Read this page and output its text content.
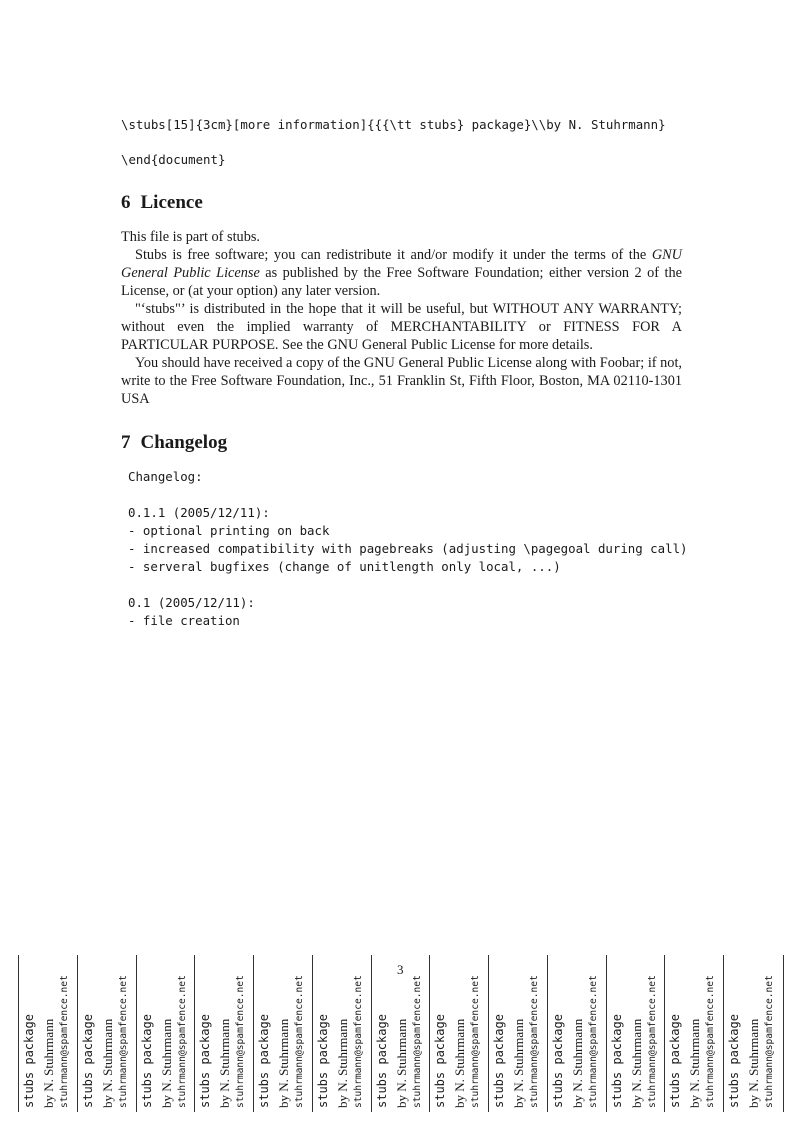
\stubs[15]{3cm}[more information]{{{\tt stubs} package}\\by N. Stuhrmann}
\end{document}
6 Licence

This file is part of stubs.

Stubs is free software; you can redistribute it and/or modify it under the terms of the GNU General Public License as published by the Free Software Foundation; either version 2 of the License, or (at your option) any later version.

"‘stubs"’ is distributed in the hope that it will be useful, but WITHOUT ANY WARRANTY; without even the implied warranty of MERCHANTABILITY or FITNESS FOR A PARTICULAR PURPOSE. See the GNU General Public License for more details.

You should have received a copy of the GNU General Public License along with Foobar; if not, write to the Free Software Foundation, Inc., 51 Franklin St, Fifth Floor, Boston, MA 02110-1301 USA

7 Changelog
Changelog:
0.1.1 (2005/12/11):
- optional printing on back
- increased compatibility with pagebreaks (adjusting \pagegoal during call)
- serveral bugfixes (change of unitlength only local, ...)
0.1 (2005/12/11):
- file creation
stubs package by N. Stuhrmann stuhrmann@spamfence.net stubs package by N. Stuhrmann stuhrmann@spamfence.net stubs package by N. Stuhrmann stuhrmann@spamfence.net stubs package by N. Stuhrmann stuhrmann@spamfence.net stubs package by N. Stuhrmann stuhrmann@spamfence.net stubs package by N. Stuhrmann stuhrmann@spamfence.net stubs package by N. Stuhrmann stuhrmann@spamfence.net stubs package by N. Stuhrmann stuhrmann@spamfence.net stubs package by N. Stuhrmann stuhrmann@spamfence.net stubs package by N. Stuhrmann stuhrmann@spamfence.net stubs package by N. Stuhrmann stuhrmann@spamfence.net stubs package by N. Stuhrmann stuhrmann@spamfence.net stubs package by N. Stuhrmann stuhrmann@spamfence.net
3
